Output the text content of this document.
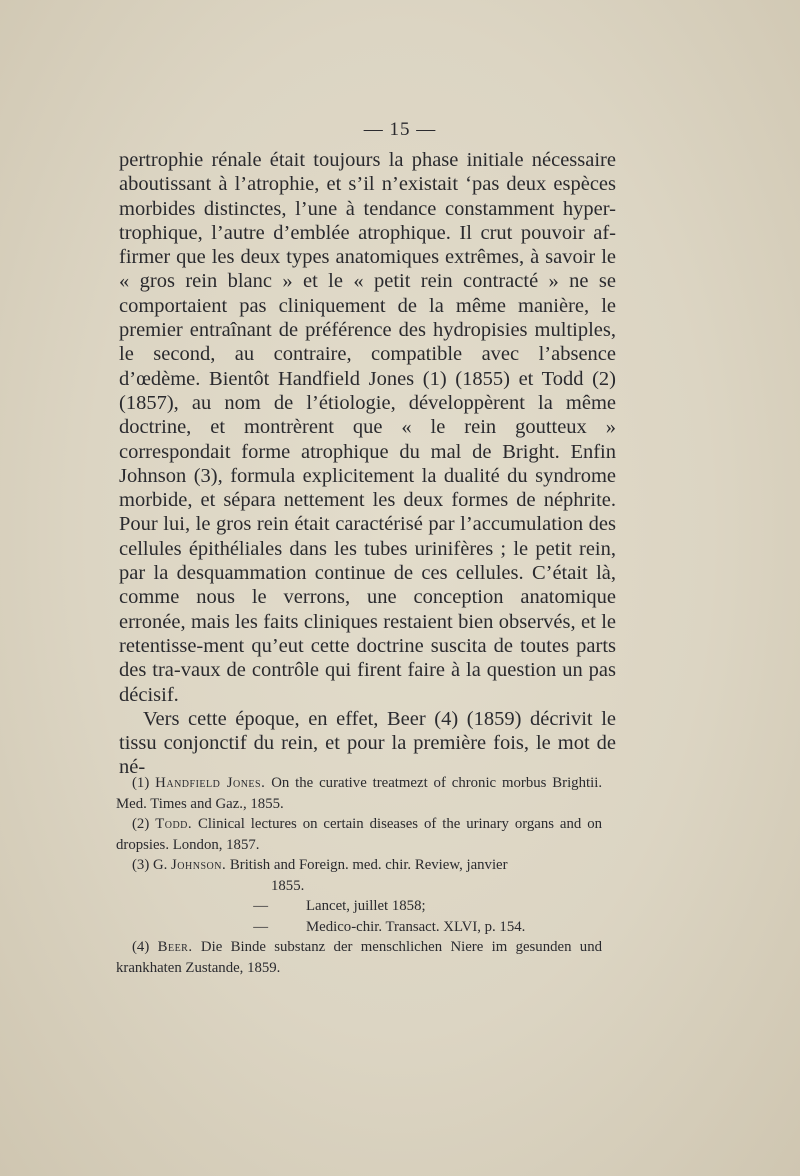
— 15 —

pertrophie rénale était toujours la phase initiale nécessaire aboutissant à l’atrophie, et s’il n’existait ‘pas deux espèces morbides distinctes, l’une à tendance constamment hyper-trophique, l’autre d’emblée atrophique. Il crut pouvoir af-firmer que les deux types anatomiques extrêmes, à savoir le « gros rein blanc » et le « petit rein contracté » ne se comportaient pas cliniquement de la même manière, le premier entraînant de préférence des hydropisies multiples, le second, au contraire, compatible avec l’absence d’œdème. Bientôt Handfield Jones (1) (1855) et Todd (2) (1857), au nom de l’étiologie, développèrent la même doctrine, et montrèrent que « le rein goutteux » correspondait forme atrophique du mal de Bright. Enfin Johnson (3), formula explicitement la dualité du syndrome morbide, et sépara nettement les deux formes de néphrite. Pour lui, le gros rein était caractérisé par l’accumulation des cellules épithéliales dans les tubes urinifères ; le petit rein, par la desquammation continue de ces cellules. C’était là, comme nous le verrons, une conception anatomique erronée, mais les faits cliniques restaient bien observés, et le retentisse-ment qu’eut cette doctrine suscita de toutes parts des tra-vaux de contrôle qui firent faire à la question un pas décisif.

Vers cette époque, en effet, Beer (4) (1859) décrivit le tissu conjonctif du rein, et pour la première fois, le mot de né-

(1) Handfield Jones. On the curative treatmezt of chronic morbus Brightii. Med. Times and Gaz., 1855.

(2) Todd. Clinical lectures on certain diseases of the urinary organs and on dropsies. London, 1857.

(3) G. Johnson. British and Foreign. med. chir. Review, janvier

1855.
—	Lancet, juillet 1858;
—	Medico-chir. Transact. XLVI, p. 154.

(4) Beer. Die Binde substanz der menschlichen Niere im gesunden und krankhaten Zustande, 1859.
